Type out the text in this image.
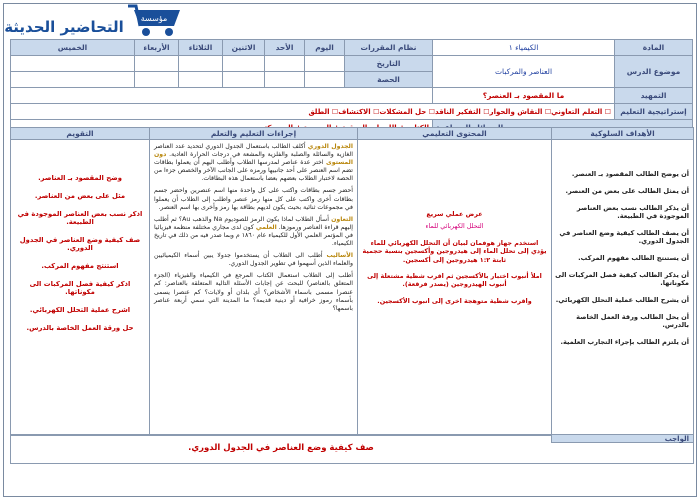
مؤسسة
التحاضير الحديثة
المادة	الكيمياء ١	نظام المقررات	اليوم	الأحد	الاثنين	الثلاثاء	الأربعاء	الخميس
موضوع الدرس	العناصر والمركبات	التاريخ						
		الحصة						
التمهيد	ما المقصود بـ العنصر؟							
إستراتيجية التعليم	☐ التعلم التعاوني☐ النقاش والحوار☐ التفكير الناقد☐ حل المشكلات☐ الاكتشاف☐ الطلق							

الأهداف السلوكية
أن يوضح الطالب المقصود بـ العنصر.
أن يمثل الطالب على بعض من العنصر.
أن يذكر الطالب نسب بعض العناصر الموجودة في الطبيعة.
أن يصف الطالب كيفية وضع العناصر في الجدول الدوري.
أن يستنتج الطالب مفهوم المركب.
أن يذكر الطالب كيفية فصل المركبات الى مكوناتها.
أن يشرح الطالب عملية التحلل الكهربائي.
أن يحل الطالب ورقة العمل الخاصة بالدرس.
أن يلتزم الطالب بإجراء التجارب العلمية.
المحتوى التعليمي

عرض عملي سريع

التحلل الكهربائي للماء

استخدم جهاز هوفمان لبيان أن التحلل الكهربائي للماء يؤدي إلى تحلل الماء إلى هيدروجين وأكسجين بنسبة حجمية ثابتة ١:٢ هيدروجين إلى أكسجين.

املأ أنبوب اختبار بالأكسجين ثم اقرب شظية مشتعلة إلى أنبوب الهيدروجين (يصدر فرقعة).

واقرب شظية متوهجة اخرى إلى انبوب الأكسجين.

إجراءات التعليم والتعلم

الجدول الدوري أكلف الطالب باستعمال الجدول الدوري لتحديد عدد العناصر الغازية والسائلة والصلبة والفلزية والمشعة في درجات الحرارة العادية. دون المستوى اختر عدة عناصر لمدرسها الطلاب وأطلب اليهم أن يعملوا بطاقات تضم اسم العنصر على أحد جانبيها ورمزه على الجانب الآخر والخصص جزءا من الحصة لاختبار الطلاب بعضهم بعضا باستعمال هذه البطاقات.

أحضر جسم بطاقات واكتب على كل واحدة منها اسم عنصرين واحضر جسم بطاقات أخرى واكتب على كل منها رمز عنصر واطلب إلى الطلاب أن يعملوا في مجموعات ثنائية بحيث يكون لديهم بطاقة بها رمز وأخرى بها اسم العنصر.

التعاون أسأل الطلاب لماذا يكون الرمز للصوديوم Na والذهب Au؟ ثم أطلب إليهم قراءة العناصر ورموزها. العلمي كون لدى مجاري مختلفة منظمة فيزيائيا في المؤتمر العلمي الأول للكيمياء عام ١٨٦٠ م وبما صدر فيه من ذلك في تاريخ الكيمياء.

الأساليب أطلب الى الطلاب أن يستخدموا جدولا يبين أسماء الكيميائيين والعلماء الذين أسهموا في تطوير الجدول الدوري.

أطلب إلى الطلاب استعمال الكتاب المرجع في الكيمياء والفيزياء (الجزء المتعلق بالعناصر) للبحث عن إجابات الأسئلة التالية المتعلقة بالعناصر: كم عنصرا مسمى باسماء الأشخاص؟ أي بلدان أو ولايات؟ كم عنصرا يسمى بأسماء رموز خرافية أو دينية قديمة؟ ما المدينة التي سمي أربعة عناصر باسمها؟

التقويم
وضح المقصود بـ العناصر.
مثل على بعض من العناصر.
اذكر نسب بعض العناصر الموجودة في الطبيعة.
صف كيفية وضع العناصر في الجدول الدوري.
استنتج مفهوم المركب.
اذكر كيفية فصل المركبات الى مكوناتها.
اشرح عملية التحلل الكهربائي.
حل ورقة العمل الخاصة بالدرس.
الواجب
صف كيفية وضع العناصر في الجدول الدوري.
